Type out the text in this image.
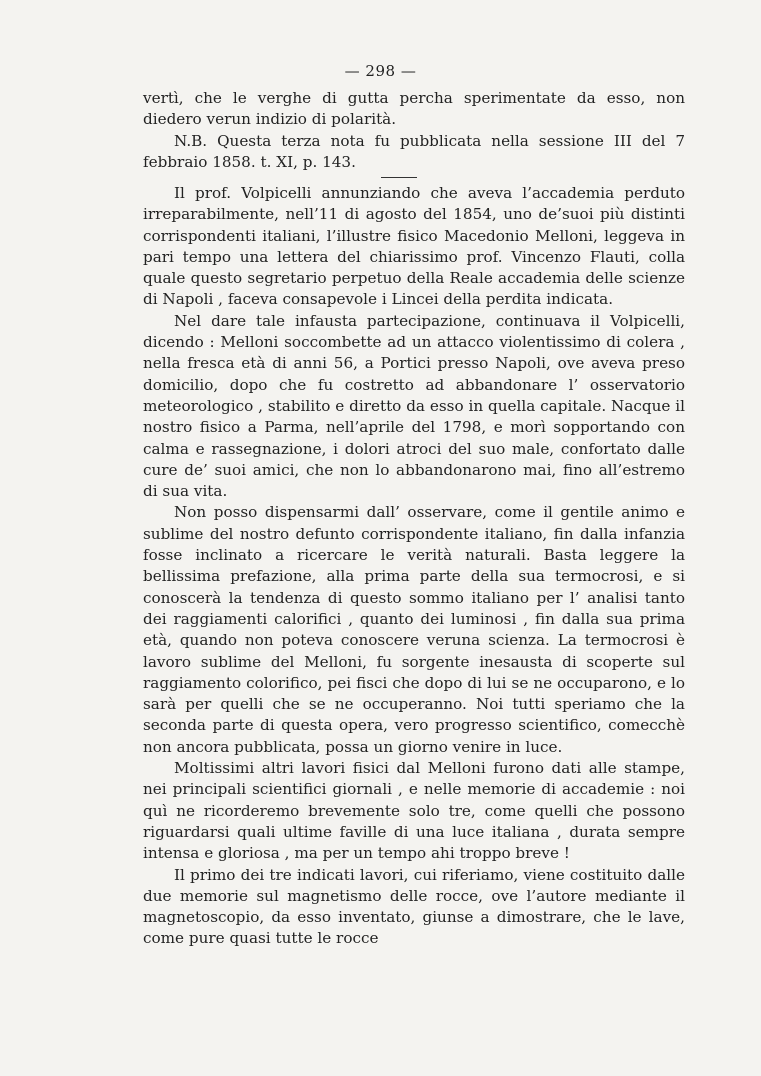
— 298 —

vertì, che le verghe di gutta percha sperimentate da esso, non diedero verun indizio di polarità.

N.B. Questa terza nota fu pubblicata nella sessione III del 7 febbraio 1858. t. XI, p. 143.

Il prof. Volpicelli annunziando che aveva l’accademia perduto irreparabilmente, nell’11 di agosto del 1854, uno de’suoi più distinti corrispondenti italiani, l’illustre fisico Macedonio Melloni, leggeva in pari tempo una lettera del chiarissimo prof. Vincenzo Flauti, colla quale questo segretario perpetuo della Reale accademia delle scienze di Napoli , faceva consapevole i Lincei della perdita indicata.

Nel dare tale infausta partecipazione, continuava il Volpicelli, dicendo : Melloni soccombette ad un attacco violentissimo di colera , nella fresca età di anni 56, a Portici presso Napoli, ove aveva preso domicilio, dopo che fu costretto ad abbandonare l’ osservatorio meteorologico , stabilito e diretto da esso in quella capitale. Nacque il nostro fisico a Parma, nell’aprile del 1798, e morì sopportando con calma e rassegnazione, i dolori atroci del suo male, confortato dalle cure de’ suoi amici, che non lo abbandonarono mai, fino all’estremo di sua vita.

Non posso dispensarmi dall’ osservare, come il gentile animo e sublime del nostro defunto corrispondente italiano, fin dalla infanzia fosse inclinato a ricercare le verità naturali. Basta leggere la bellissima prefazione, alla prima parte della sua termocrosi, e si conoscerà la tendenza di questo sommo italiano per l’ analisi tanto dei raggiamenti calorifici , quanto dei luminosi , fin dalla sua prima età, quando non poteva conoscere veruna scienza. La termocrosi è lavoro sublime del Melloni, fu sorgente inesausta di scoperte sul raggiamento colorifico, pei fisci che dopo di lui se ne occuparono, e lo sarà per quelli che se ne occuperanno. Noi tutti speriamo che la seconda parte di questa opera, vero progresso scientifico, comecchè non ancora pubblicata, possa un giorno venire in luce.

Moltissimi altri lavori fisici dal Melloni furono dati alle stampe, nei principali scientifici giornali , e nelle memorie di accademie : noi quì ne ricorderemo brevemente solo tre, come quelli che possono riguardarsi quali ultime faville di una luce italiana , durata sempre intensa e gloriosa , ma per un tempo ahi troppo breve !

Il primo dei tre indicati lavori, cui riferiamo, viene costituito dalle due memorie sul magnetismo delle rocce, ove l’autore mediante il magnetoscopio, da esso inventato, giunse a dimostrare, che le lave, come pure quasi tutte le rocce
